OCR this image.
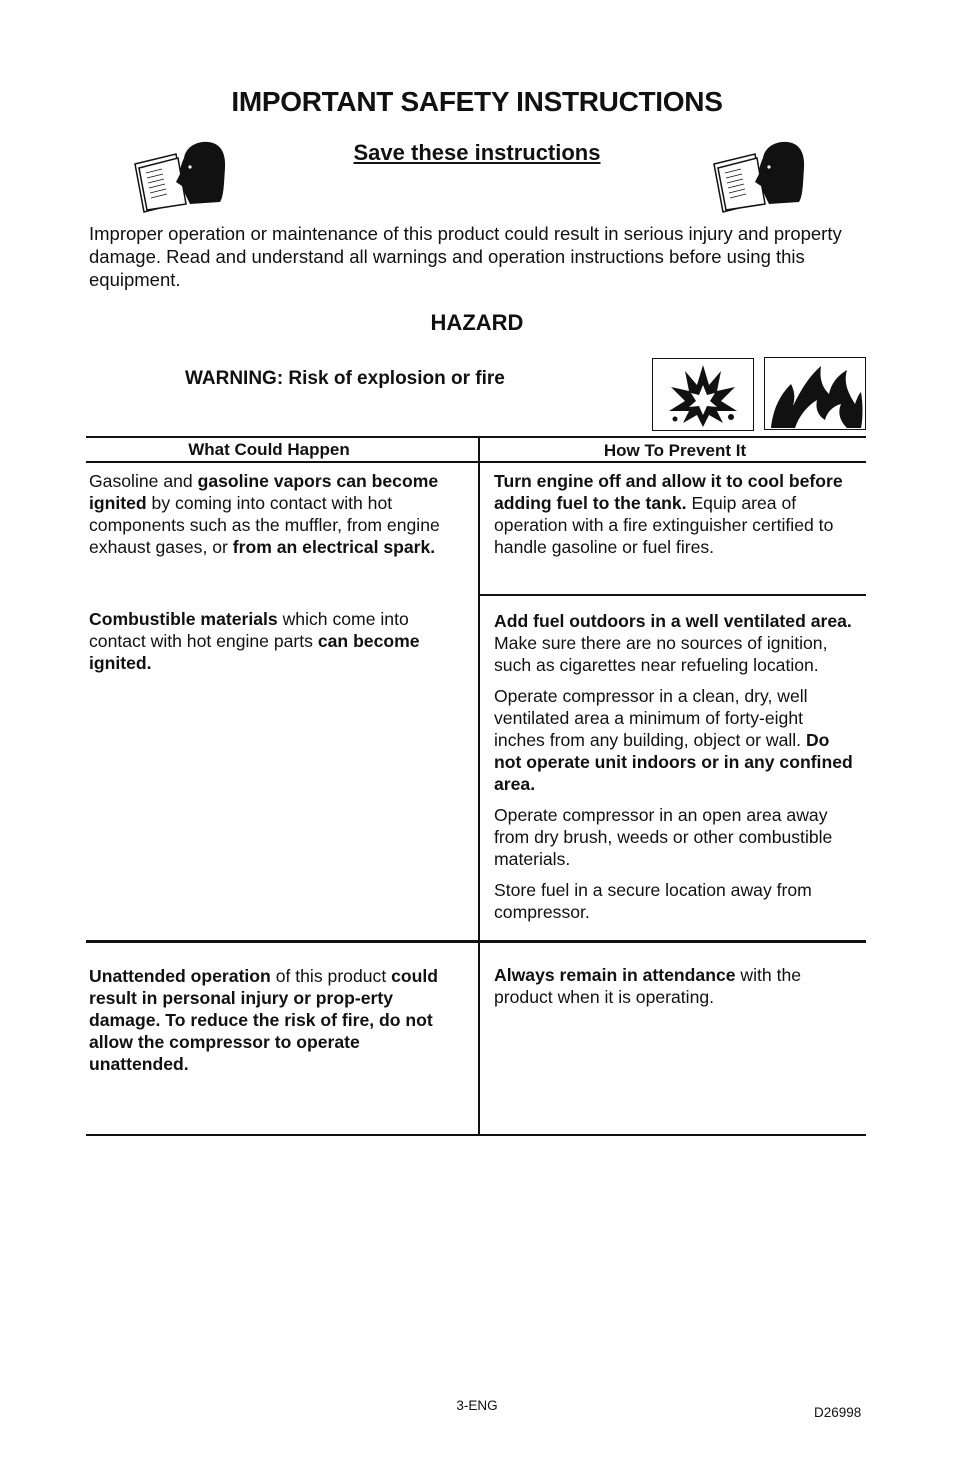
IMPORTANT SAFETY INSTRUCTIONS
Save these instructions
Improper operation or maintenance of this product could result in serious injury and property damage. Read and understand all warnings and operation instructions before using this equipment.
HAZARD
WARNING: Risk of explosion or fire
What Could Happen	How To Prevent It

Gasoline and gasoline vapors can become ignited by coming into contact with hot components such as the muffler, from engine exhaust gases, or from an electrical spark.

Turn engine off and allow it to cool before adding fuel to the tank. Equip area of operation with a fire extinguisher certified to handle gasoline or fuel fires.

Combustible materials which come into contact with hot engine parts can become ignited.

Add fuel outdoors in a well ventilated area. Make sure there are no sources of ignition, such as cigarettes near refueling location.

Operate compressor in a clean, dry, well ventilated area a minimum of forty-eight inches from any building, object or wall. Do not operate unit indoors or in any confined area.

Operate compressor in an open area away from dry brush, weeds or other combustible materials.

Store fuel in a secure location away from compressor.

Unattended operation of this product could result in personal injury or prop-erty damage. To reduce the risk of fire, do not allow the compressor to operate unattended.

Always remain in attendance with the product when it is operating.

3-ENG	D26998
